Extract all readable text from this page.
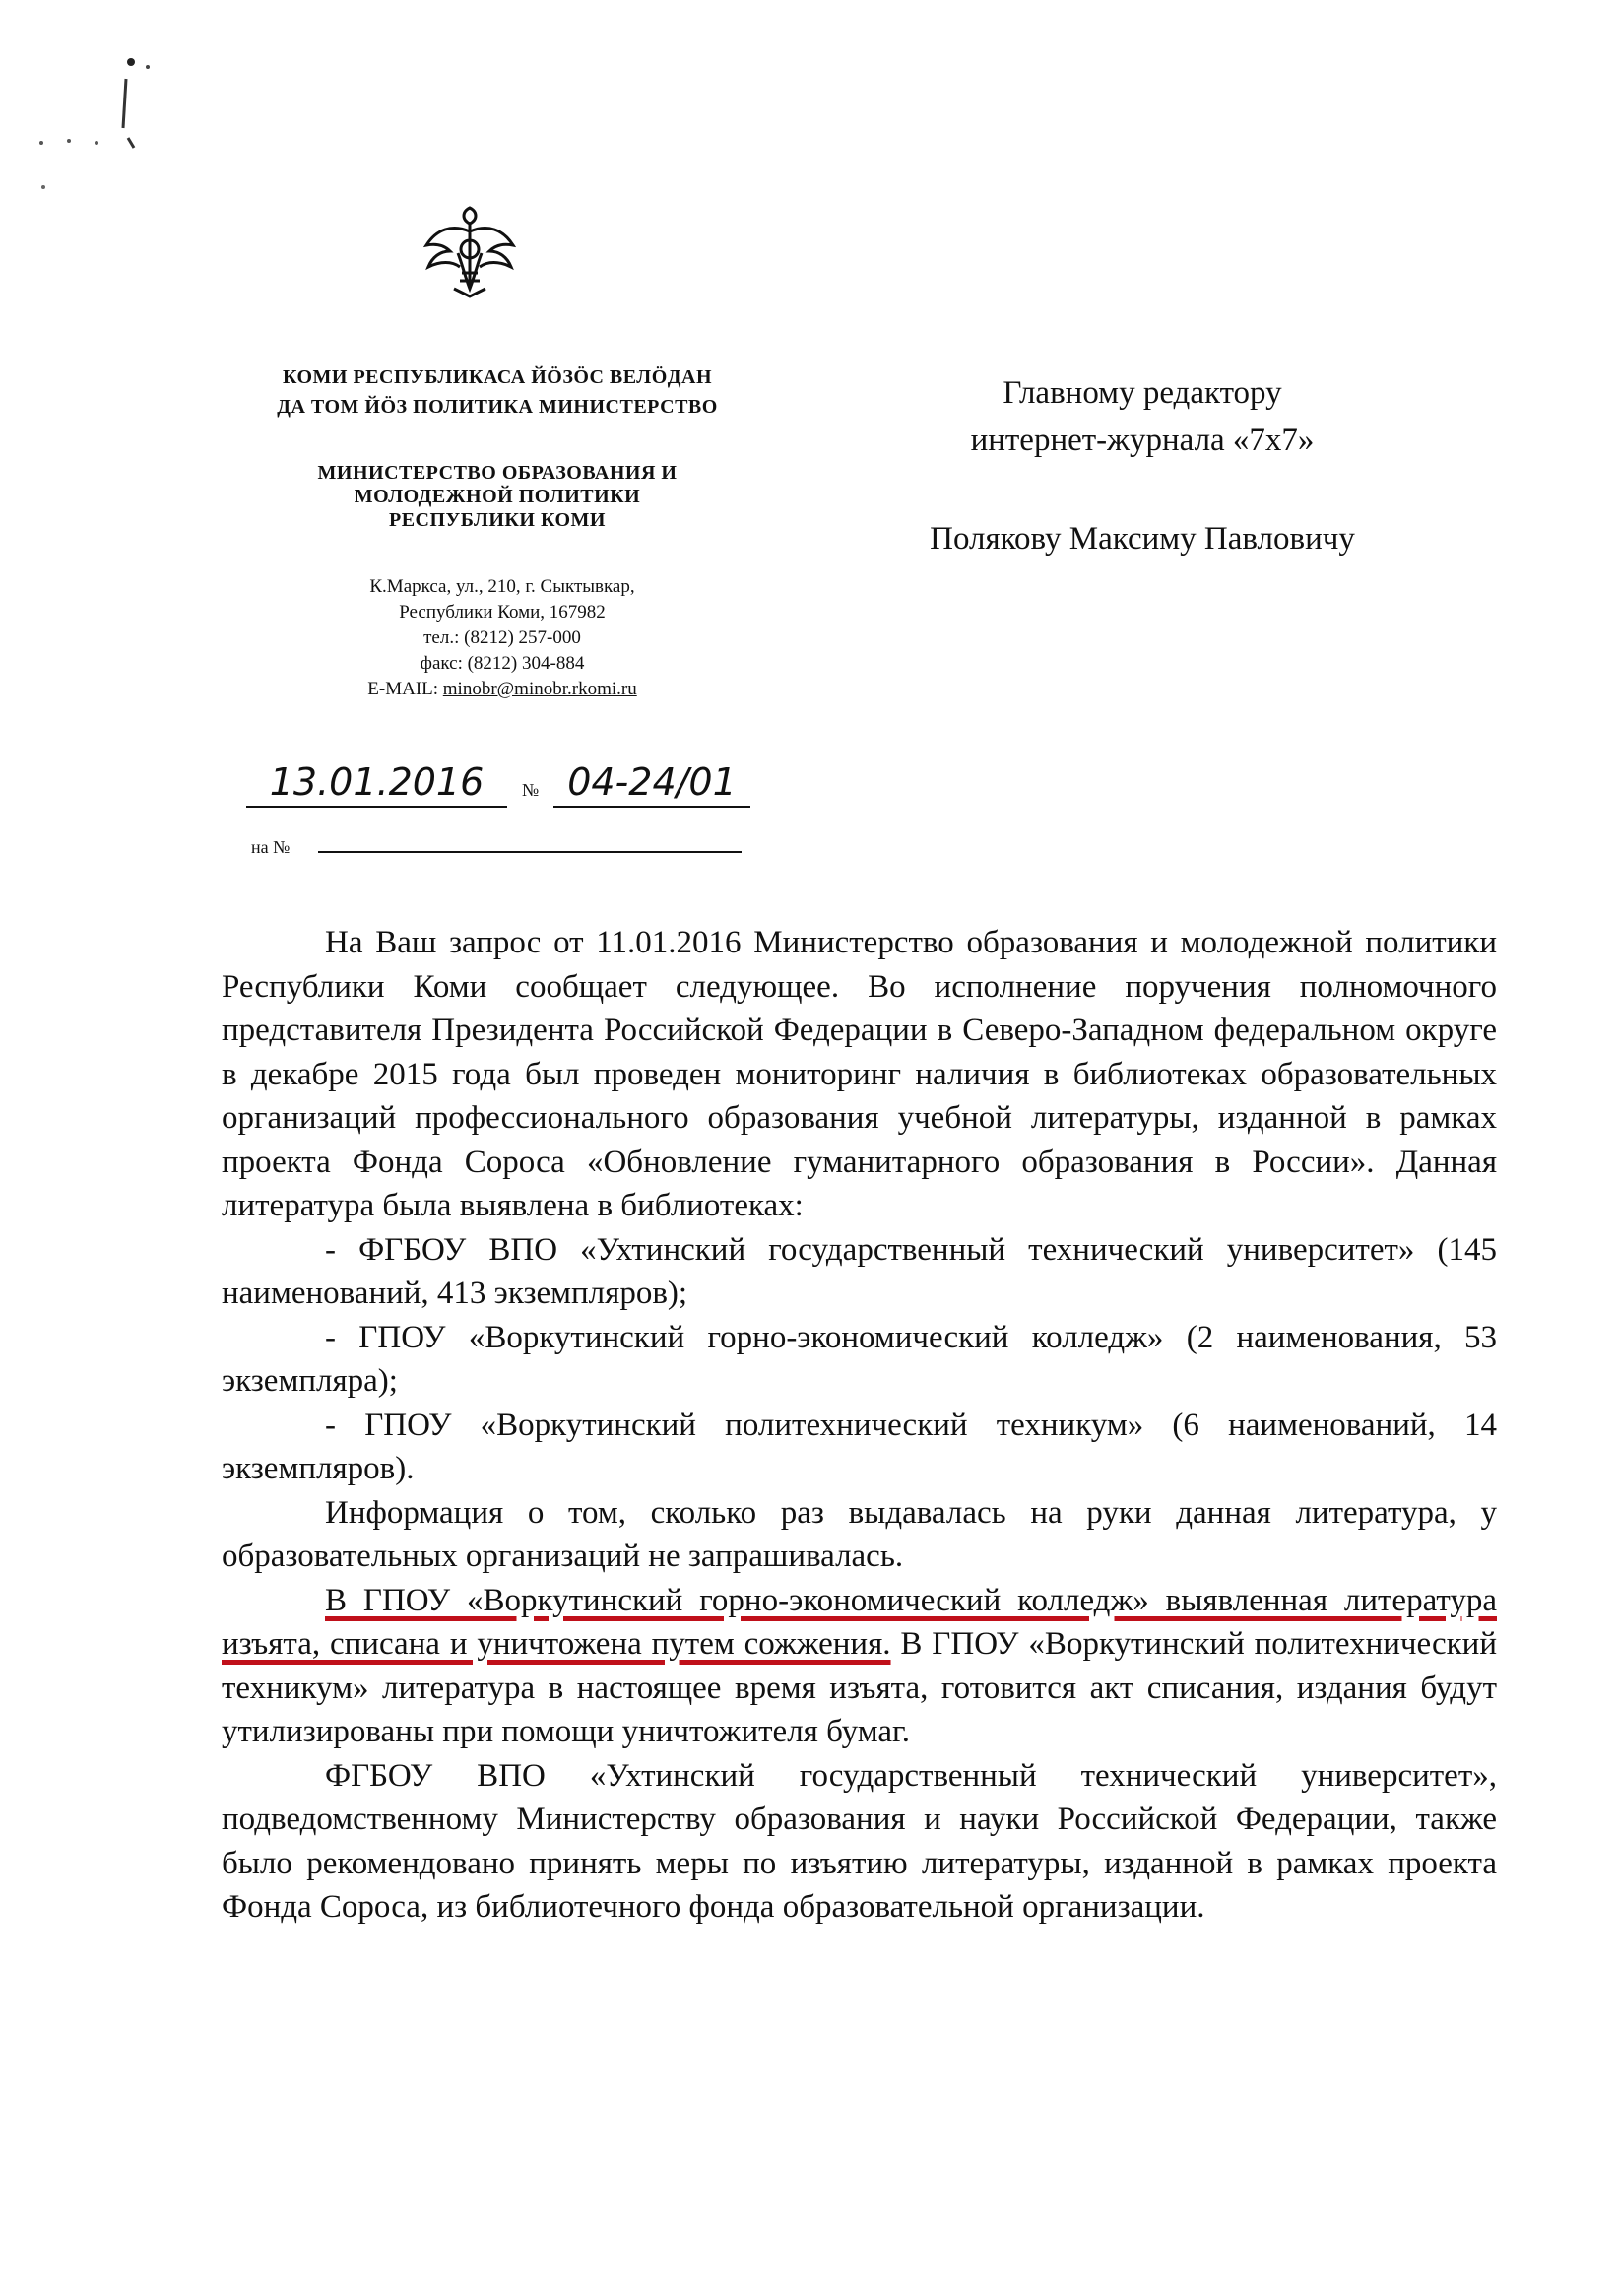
КОМИ РЕСПУБЛИКАСА ЙÖЗÖС ВЕЛÖДАН

ДА ТОМ ЙÖЗ ПОЛИТИКА МИНИСТЕРСТВО

МИНИСТЕРСТВО ОБРАЗОВАНИЯ И

МОЛОДЕЖНОЙ ПОЛИТИКИ

РЕСПУБЛИКИ КОМИ

К.Маркса, ул., 210, г. Сыктывкар,
Республики Коми, 167982
тел.: (8212) 257-000
факс: (8212) 304-884
E-MAIL: minobr@minobr.rkomi.ru
Главному редактору
интернет-журнала «7х7»
Полякову Максиму Павловичу
13.01.2016	№ 04-24/01
на №

На Ваш запрос от 11.01.2016 Министерство образования и молодежной политики Республики Коми сообщает следующее. Во исполнение поручения полномочного представителя Президента Российской Федерации в Северо-Западном федеральном округе в декабре 2015 года был проведен мониторинг наличия в библиотеках образовательных организаций профессионального образования учебной литературы, изданной в рамках проекта Фонда Сороса «Обновление гуманитарного образования в России». Данная литература была выявлена в библиотеках:

- ФГБОУ ВПО «Ухтинский государственный технический университет» (145 наименований, 413 экземпляров);

- ГПОУ «Воркутинский горно-экономический колледж» (2 наименования, 53 экземпляра);

- ГПОУ «Воркутинский политехнический техникум» (6 наименований, 14 экземпляров).

Информация о том, сколько раз выдавалась на руки данная литература, у образовательных организаций не запрашивалась.

В ГПОУ «Воркутинский горно-экономический колледж» выявленная литература изъята, списана и уничтожена путем сожжения. В ГПОУ «Воркутинский политехнический техникум» литература в настоящее время изъята, готовится акт списания, издания будут утилизированы при помощи уничтожителя бумаг.

ФГБОУ ВПО «Ухтинский государственный технический университет», подведомственному Министерству образования и науки Российской Федерации, также было рекомендовано принять меры по изъятию литературы, изданной в рамках проекта Фонда Сороса, из библиотечного фонда образовательной организации.
